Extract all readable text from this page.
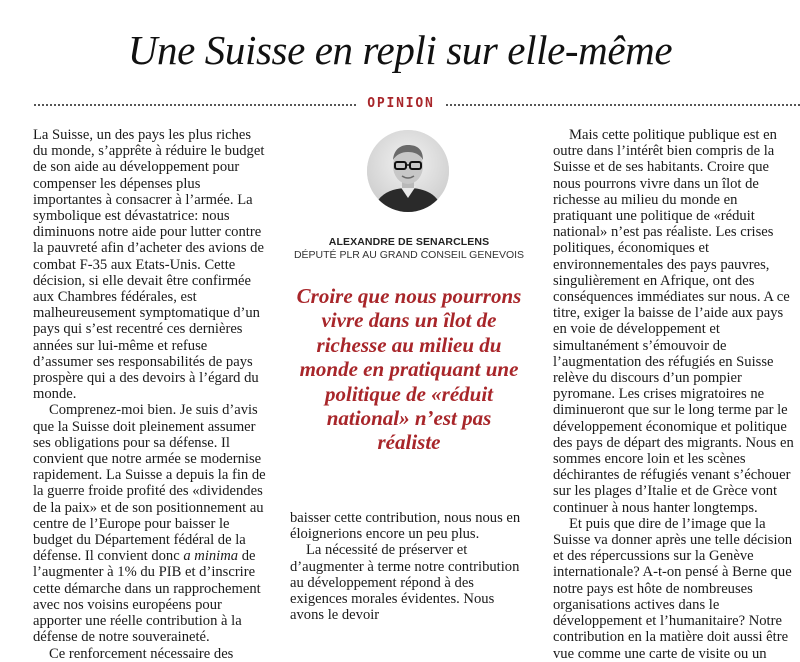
Une Suisse en repli sur elle-même
OPINION

La Suisse, un des pays les plus riches du monde, s’apprête à réduire le budget de son aide au développement pour compenser les dépenses plus importantes à consacrer à l’armée. La symbolique est dévastatrice: nous diminuons notre aide pour lutter contre la pauvreté afin d’acheter des avions de combat F-35 aux Etats-Unis. Cette décision, si elle devait être confirmée aux Chambres fédérales, est malheureusement symptomatique d’un pays qui s’est recentré ces dernières années sur lui-même et refuse d’assumer ses responsabilités de pays prospère qui a des devoirs à l’égard du monde.

Comprenez-moi bien. Je suis d’avis que la Suisse doit pleinement assumer ses obligations pour sa défense. Il convient que notre armée se modernise rapidement. La Suisse a depuis la fin de la guerre froide profité des «dividendes de la paix» et de son positionnement au centre de l’Europe pour baisser le budget du Département fédéral de la défense. Il convient donc a minima de l’augmenter à 1% du PIB et d’inscrire cette démarche dans un rapprochement avec nos voisins européens pour apporter une réelle contribution à la défense de notre souveraineté.

Ce renforcement nécessaire des

ALEXANDRE DE SENARCLENS
DÉPUTÉ PLR AU GRAND CONSEIL GENEVOIS
Croire que nous pourrons vivre dans un îlot de richesse au milieu du monde en pratiquant une politique de «réduit national» n’est pas réaliste

baisser cette contribution, nous nous en éloignerions encore un peu plus.

La nécessité de préserver et d’augmenter à terme notre contribution au développement répond à des exigences morales évidentes. Nous avons le devoir

Mais cette politique publique est en outre dans l’intérêt bien compris de la Suisse et de ses habitants. Croire que nous pourrons vivre dans un îlot de richesse au milieu du monde en pratiquant une politique de «réduit national» n’est pas réaliste. Les crises politiques, économiques et environnementales des pays pauvres, singulièrement en Afrique, ont des conséquences immédiates sur nous. A ce titre, exiger la baisse de l’aide aux pays en voie de développement et simultanément s’émouvoir de l’augmentation des réfugiés en Suisse relève du discours d’un pompier pyromane. Les crises migratoires ne diminueront que sur le long terme par le développement économique et politique des pays de départ des migrants. Nous en sommes encore loin et les scènes déchirantes de réfugiés venant s’échouer sur les plages d’Italie et de Grèce vont continuer à nous hanter longtemps.

Et puis que dire de l’image que la Suisse va donner après une telle décision et des répercussions sur la Genève internationale? A-t-on pensé à Berne que notre pays est hôte de nombreuses organisations actives dans le développement et l’humanitaire? Notre contribution en la matière doit aussi être vue comme une carte de visite ou un
